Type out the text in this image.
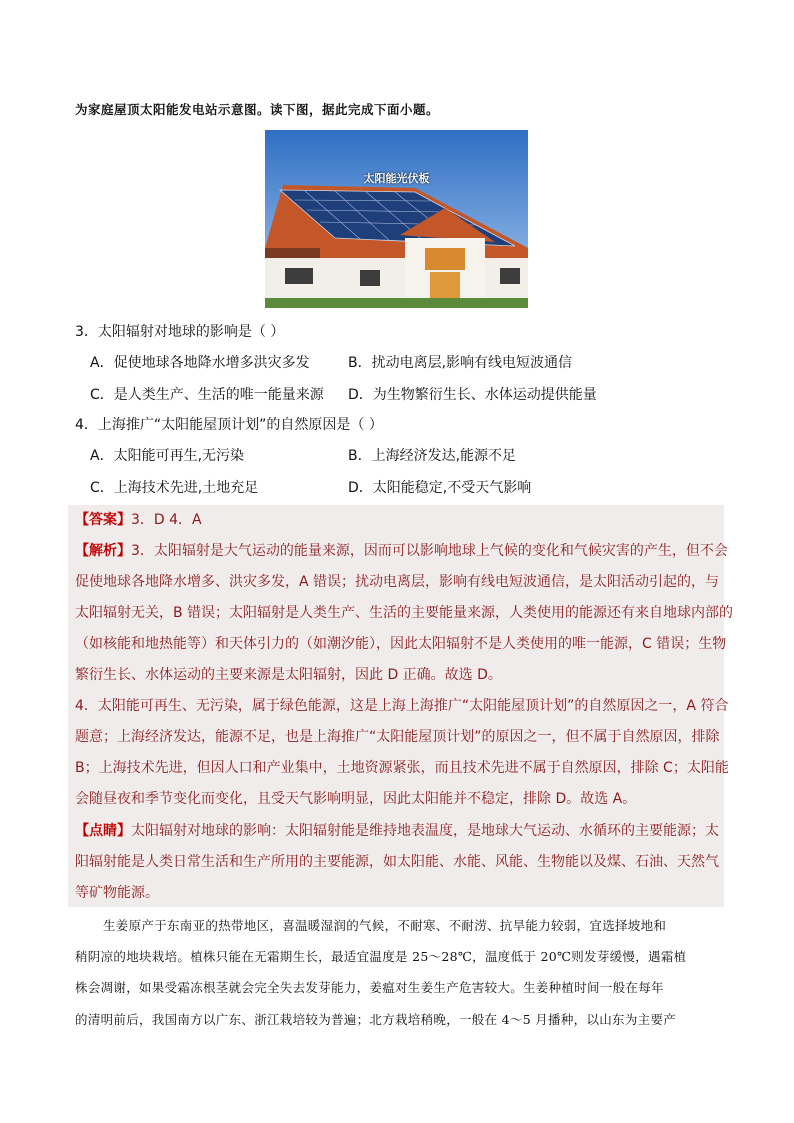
为家庭屋顶太阳能发电站示意图。读下图，据此完成下面小题。
太阳能光伏板
3．太阳辐射对地球的影响是（ ）
A．促使地球各地降水增多洪灾多发	B．扰动电离层,影响有线电短波通信
C．是人类生产、生活的唯一能量来源 D．为生物繁衍生长、水体运动提供能量
4．上海推广“太阳能屋顶计划”的自然原因是（ ）
A．太阳能可再生,无污染	B．上海经济发达,能源不足
C．上海技术先进,土地充足	D．太阳能稳定,不受天气影响
【答案】3．D 4．A
【解析】3．太阳辐射是大气运动的能量来源，因而可以影响地球上气候的变化和气候灾害的产生，但不会
促使地球各地降水增多、洪灾多发，A 错误；扰动电离层，影响有线电短波通信，是太阳活动引起的，与
太阳辐射无关，B 错误；太阳辐射是人类生产、生活的主要能量来源，人类使用的能源还有来自地球内部的
（如核能和地热能等）和天体引力的（如潮汐能），因此太阳辐射不是人类使用的唯一能源，C 错误；生物
繁衍生长、水体运动的主要来源是太阳辐射，因此 D 正确。故选 D。
4．太阳能可再生、无污染，属于绿色能源，这是上海上海推广“太阳能屋顶计划”的自然原因之一，A 符合
题意；上海经济发达，能源不足，也是上海推广“太阳能屋顶计划”的原因之一，但不属于自然原因，排除
B；上海技术先进，但因人口和产业集中，土地资源紧张，而且技术先进不属于自然原因，排除 C；太阳能
会随昼夜和季节变化而变化，且受天气影响明显，因此太阳能并不稳定，排除 D。故选 A。
【点睛】太阳辐射对地球的影响：太阳辐射能是维持地表温度，是地球大气运动、水循环的主要能源；太
阳辐射能是人类日常生活和生产所用的主要能源，如太阳能、水能、风能、生物能以及煤、石油、天然气
等矿物能源。
生姜原产于东南亚的热带地区，喜温暖湿润的气候，不耐寒、不耐涝、抗旱能力较弱，宜选择坡地和
稍阴凉的地块栽培。植株只能在无霜期生长，最适宜温度是 25～28℃，温度低于 20℃则发芽缓慢，遇霜植
株会凋谢，如果受霜冻根茎就会完全失去发芽能力，姜瘟对生姜生产危害较大。生姜种植时间一般在每年
的清明前后，我国南方以广东、浙江栽培较为普遍；北方栽培稍晚，一般在 4～5 月播种，以山东为主要产
